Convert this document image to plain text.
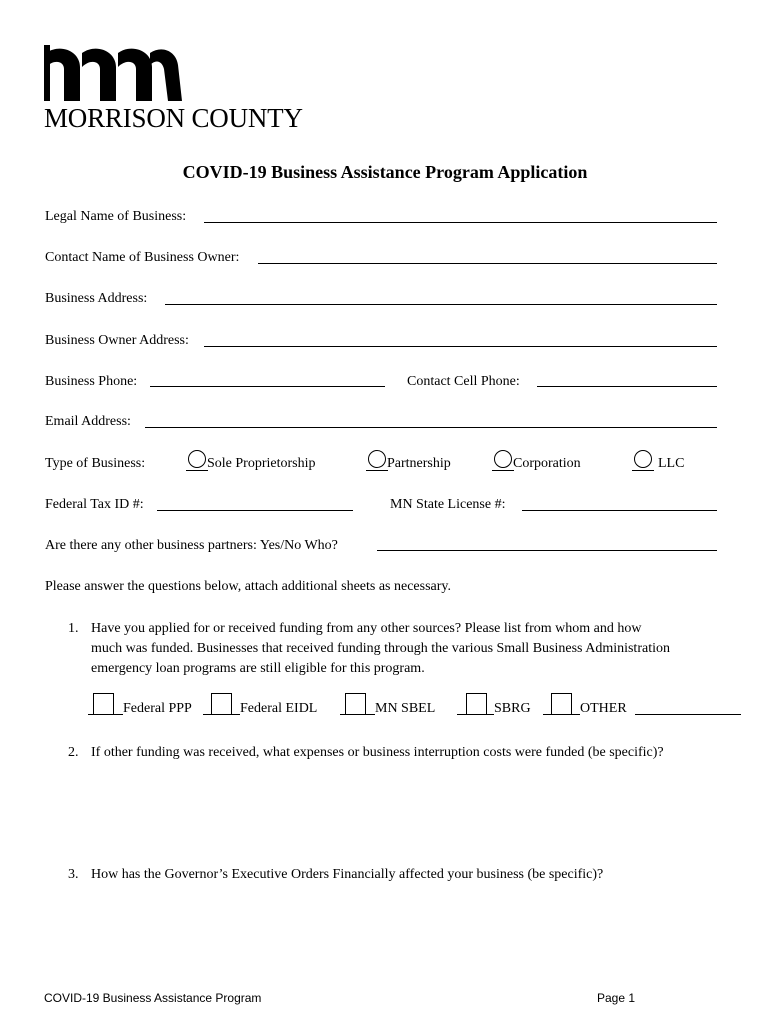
MORRISON COUNTY
COVID-19 Business Assistance Program Application
Legal Name of Business:
Contact Name of Business Owner:
Business Address:
Business Owner Address:
Business Phone:	Contact Cell Phone:
Email Address:
Type of Business:	Sole Proprietorship	Partnership	Corporation	LLC
Federal Tax ID #:	MN State License #:
Are there any other business partners: Yes/No Who?
Please answer the questions below, attach additional sheets as necessary.
1. Have you applied for or received funding from any other sources? Please list from whom and how
much was funded. Businesses that received funding through the various Small Business Administration
emergency loan programs are still eligible for this program.
Federal PPP	Federal EIDL	MN SBEL	SBRG	OTHER
2. If other funding was received, what expenses or business interruption costs were funded (be specific)?
3. How has the Governor’s Executive Orders Financially affected your business (be specific)?
COVID-19 Business Assistance Program	Page 1
